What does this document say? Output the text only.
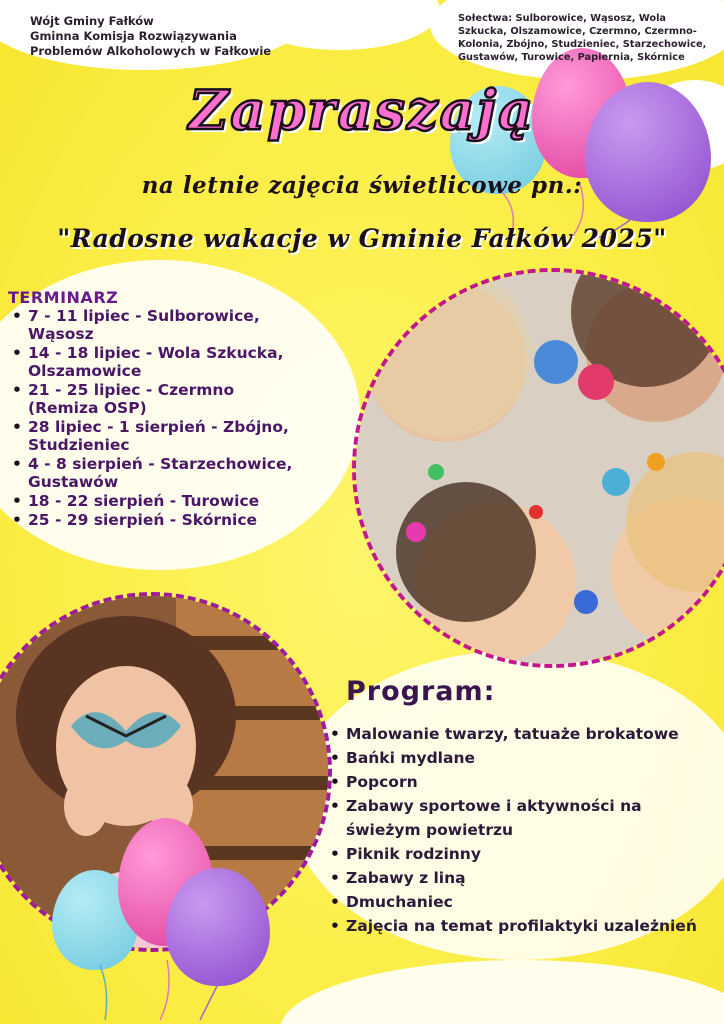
Wójt Gminy Fałków
Gminna Komisja Rozwiązywania
Problemów Alkoholowych w Fałkowie
Sołectwa: Sulborowice, Wąsosz, Wola
Szkucka, Olszamowice, Czermno, Czermno-
Kolonia, Zbójno, Studzieniec, Starzechowice,
Gustawów, Turowice, Papiernia, Skórnice
Zapraszają
na letnie zajęcia świetlicowe pn.:
"Radosne wakacje w Gminie Fałków 2025"
TERMINARZ
• 7 - 11 lipiec - Sulborowice, Wąsosz
• 14 - 18 lipiec - Wola Szkucka, Olszamowice
• 21 - 25 lipiec - Czermno (Remiza OSP)
• 28 lipiec - 1 sierpień - Zbójno, Studzieniec
• 4 - 8 sierpień - Starzechowice, Gustawów
• 18 - 22 sierpień - Turowice
• 25 - 29 sierpień - Skórnice
Program:
• Malowanie twarzy, tatuaże brokatowe
• Bańki mydlane
• Popcorn
• Zabawy sportowe i aktywności na świeżym powietrzu
• Piknik rodzinny
• Zabawy z liną
• Dmuchaniec
• Zajęcia na temat profilaktyki uzależnień
